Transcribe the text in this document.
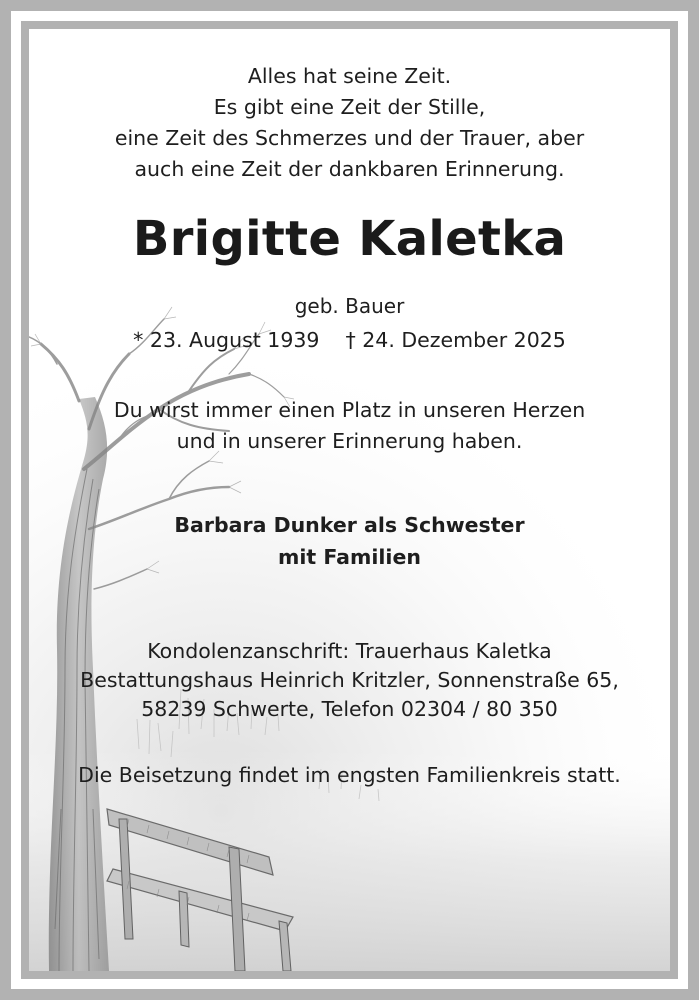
Alles hat seine Zeit.
Es gibt eine Zeit der Stille,
eine Zeit des Schmerzes und der Trauer, aber
auch eine Zeit der dankbaren Erinnerung.
Brigitte Kaletka
geb. Bauer
* 23. August 1939 † 24. Dezember 2025
Du wirst immer einen Platz in unseren Herzen
und in unserer Erinnerung haben.
Barbara Dunker als Schwester
mit Familien
Kondolenzanschrift: Trauerhaus Kaletka
Bestattungshaus Heinrich Kritzler, Sonnenstraße 65,
58239 Schwerte, Telefon 02304 / 80 350
Die Beisetzung findet im engsten Familienkreis statt.
